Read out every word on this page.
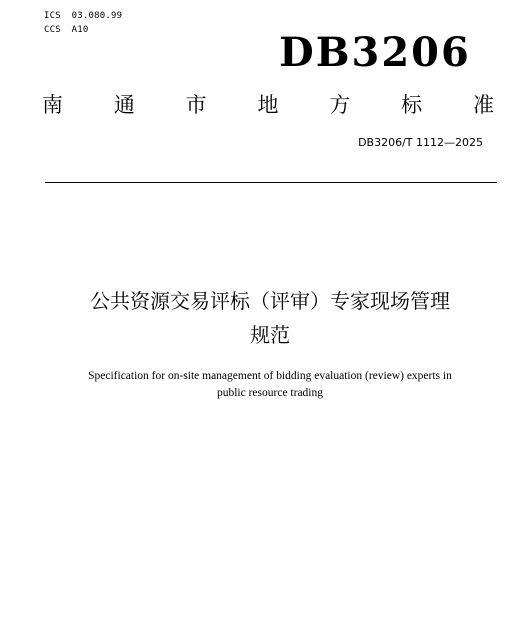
ICS 03.080.99
CCS A10	DB3206
南 通 市 地 方 标 准
DB3206/T 1112—2025
公共资源交易评标（评审）专家现场管理
规范
Specification for on-site management of bidding evaluation (review) experts in
public resource trading
